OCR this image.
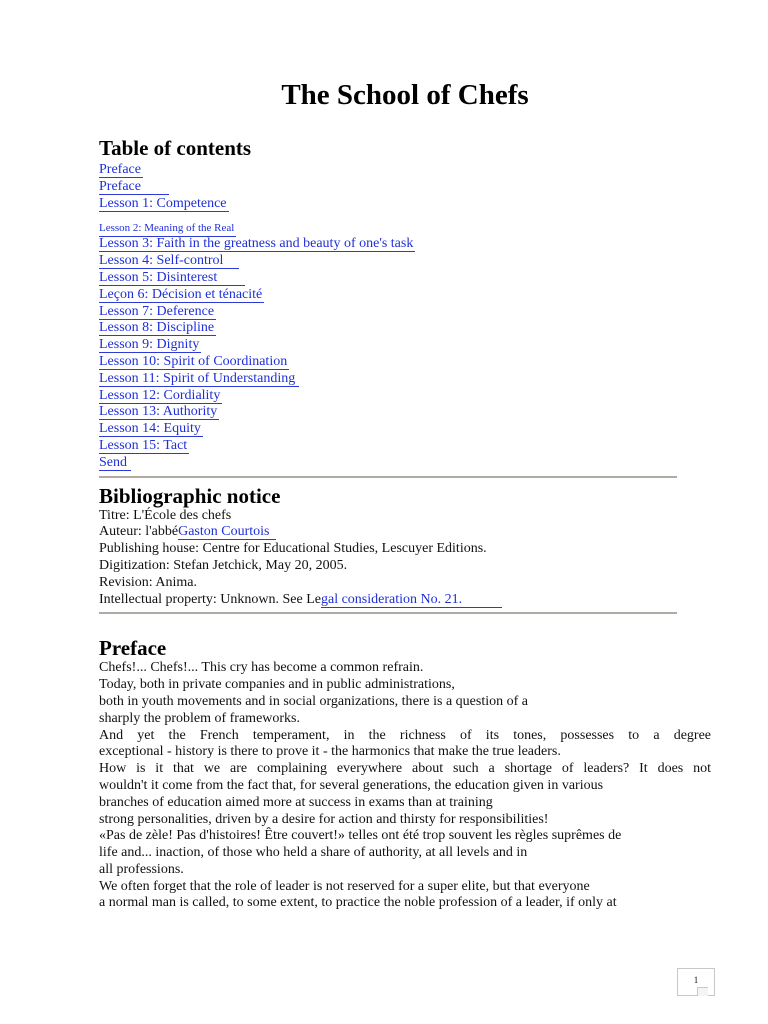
The School of Chefs
Table of contents
Preface
Preface
Lesson 1: Competence
Lesson 2: Meaning of the Real
Lesson 3: Faith in the greatness and beauty of one's task
Lesson 4: Self-control
Lesson 5: Disinterest
Leçon 6: Décision et ténacité
Lesson 7: Deference
Lesson 8: Discipline
Lesson 9: Dignity
Lesson 10: Spirit of Coordination
Lesson 11: Spirit of Understanding
Lesson 12: Cordiality
Lesson 13: Authority
Lesson 14: Equity
Lesson 15: Tact
Send
Bibliographic notice

Titre: L'École des chefs

Auteur: l'abbéGaston Courtois

Publishing house: Centre for Educational Studies, Lescuyer Editions.

Digitization: Stefan Jetchick, May 20, 2005.

Revision: Anima.

Intellectual property: Unknown. See Legal consideration No. 21.

Preface

Chefs!... Chefs!... This cry has become a common refrain.

Today, both in private companies and in public administrations,

both in youth movements and in social organizations, there is a question of a

sharply the problem of frameworks.

And yet the French temperament, in the richness of its tones, possesses to a degree

exceptional - history is there to prove it - the harmonics that make the true leaders.

How is it that we are complaining everywhere about such a shortage of leaders? It does not

wouldn't it come from the fact that, for several generations, the education given in various

branches of education aimed more at success in exams than at training

strong personalities, driven by a desire for action and thirsty for responsibilities!

«Pas de zèle! Pas d'histoires! Être couvert!» telles ont été trop souvent les règles suprêmes de

life and... inaction, of those who held a share of authority, at all levels and in

all professions.

We often forget that the role of leader is not reserved for a super elite, but that everyone

a normal man is called, to some extent, to practice the noble profession of a leader, if only at

1
